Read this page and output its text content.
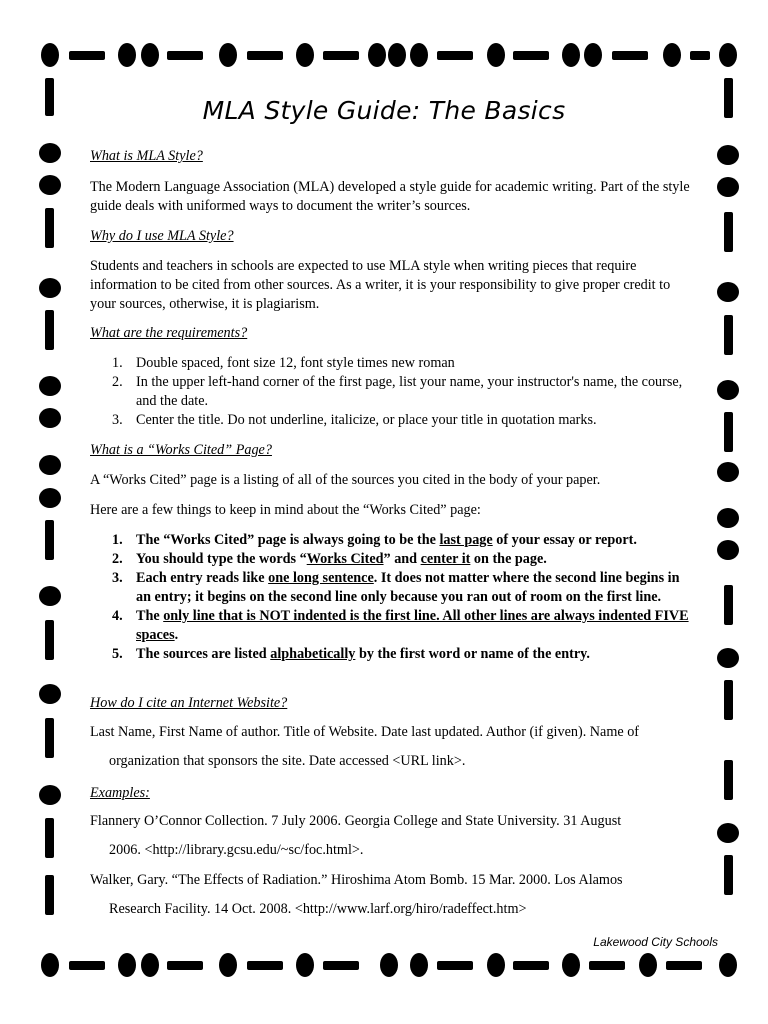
MLA Style Guide: The Basics

What is MLA Style?

The Modern Language Association (MLA) developed a style guide for academic writing. Part of the style guide deals with uniformed ways to document the writer’s sources.

Why do I use MLA Style?

Students and teachers in schools are expected to use MLA style when writing pieces that require information to be cited from other sources. As a writer, it is your responsibility to give proper credit to your sources, otherwise, it is plagiarism.

What are the requirements?

1. Double spaced, font size 12, font style times new roman
2. In the upper left-hand corner of the first page, list your name, your instructor's name, the course, and the date.
3. Center the title. Do not underline, italicize, or place your title in quotation marks.

What is a “Works Cited” Page?

A “Works Cited” page is a listing of all of the sources you cited in the body of your paper.

Here are a few things to keep in mind about the “Works Cited” page:

1. The “Works Cited” page is always going to be the last page of your essay or report.
2. You should type the words “Works Cited” and center it on the page.
3. Each entry reads like one long sentence. It does not matter where the second line begins in an entry; it begins on the second line only because you ran out of room on the first line.
4. The only line that is NOT indented is the first line. All other lines are always indented FIVE spaces.
5. The sources are listed alphabetically by the first word or name of the entry.

How do I cite an Internet Website?

Last Name, First Name of author. Title of Website. Date last updated. Author (if given). Name of
organization that sponsors the site. Date accessed <URL link>.

Examples:

Flannery O’Connor Collection. 7 July 2006. Georgia College and State University. 31 August
2006. <http://library.gcsu.edu/~sc/foc.html>.

Walker, Gary. “The Effects of Radiation.” Hiroshima Atom Bomb. 15 Mar. 2000. Los Alamos
Research Facility. 14 Oct. 2008. <http://www.larf.org/hiro/radeffect.htm>

Lakewood City Schools
